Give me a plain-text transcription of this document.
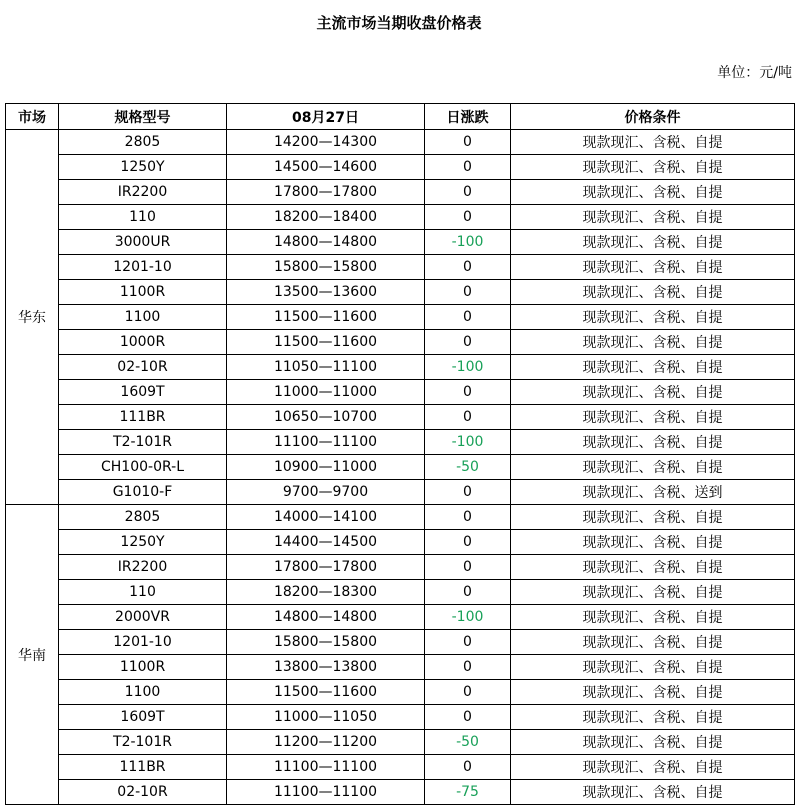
主流市场当期收盘价格表
单位：元/吨
市场	规格型号	08月27日	日涨跌	价格条件
华东	2805	14200—14300	0	现款现汇、含税、自提
	1250Y	14500—14600	0	现款现汇、含税、自提
	IR2200	17800—17800	0	现款现汇、含税、自提
	110	18200—18400	0	现款现汇、含税、自提
	3000UR	14800—14800	-100	现款现汇、含税、自提
	1201-10	15800—15800	0	现款现汇、含税、自提
	1100R	13500—13600	0	现款现汇、含税、自提
	1100	11500—11600	0	现款现汇、含税、自提
	1000R	11500—11600	0	现款现汇、含税、自提
	02-10R	11050—11100	-100	现款现汇、含税、自提
	1609T	11000—11000	0	现款现汇、含税、自提
	111BR	10650—10700	0	现款现汇、含税、自提
	T2-101R	11100—11100	-100	现款现汇、含税、自提
	CH100-0R-L	10900—11000	-50	现款现汇、含税、自提
	G1010-F	9700—9700	0	现款现汇、含税、送到
华南	2805	14000—14100	0	现款现汇、含税、自提
	1250Y	14400—14500	0	现款现汇、含税、自提
	IR2200	17800—17800	0	现款现汇、含税、自提
	110	18200—18300	0	现款现汇、含税、自提
	2000VR	14800—14800	-100	现款现汇、含税、自提
	1201-10	15800—15800	0	现款现汇、含税、自提
	1100R	13800—13800	0	现款现汇、含税、自提
	1100	11500—11600	0	现款现汇、含税、自提
	1609T	11000—11050	0	现款现汇、含税、自提
	T2-101R	11200—11200	-50	现款现汇、含税、自提
	111BR	11100—11100	0	现款现汇、含税、自提
	02-10R	11100—11100	-75	现款现汇、含税、自提
